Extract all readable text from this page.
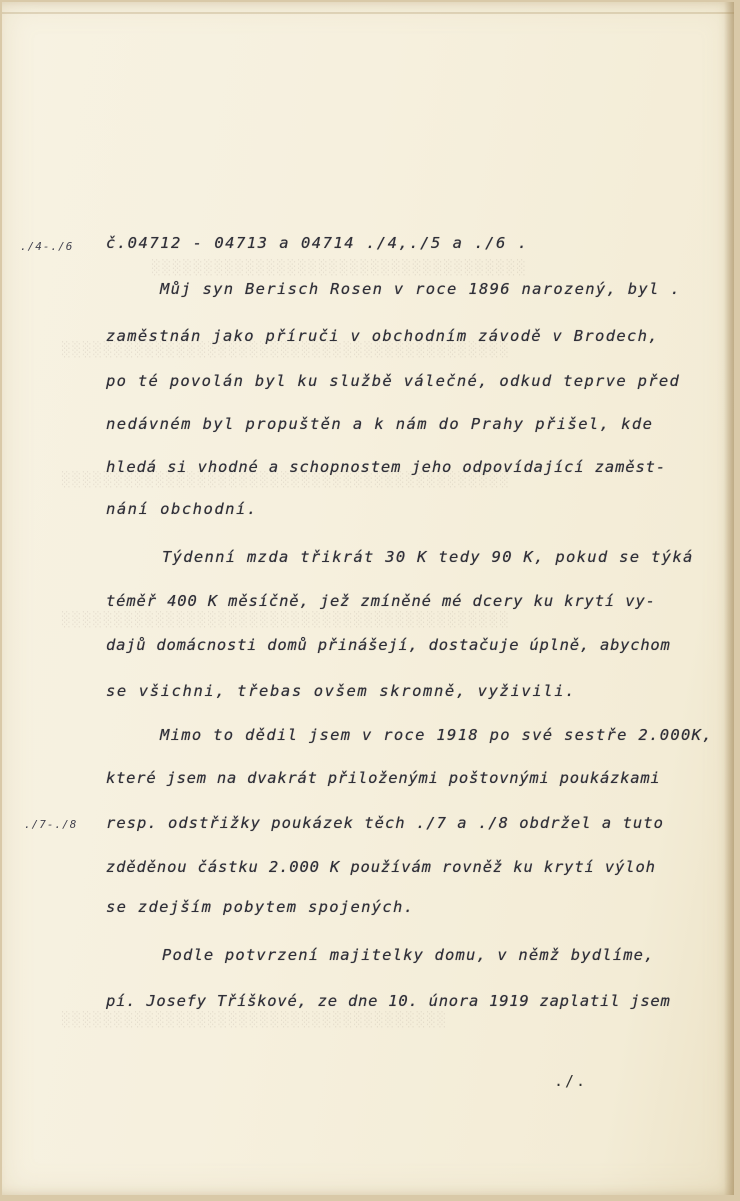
░░░░░░░░░░░░░░░░░░░░░░░░░░░░░░░░░░░░
░░░░░░░░░░░░░░░░░░░░░░░░░░░░░░░░░░░░░░░░░░░
░░░░░░░░░░░░░░░░░░░░░░░░░░░░░░░░░░░░░░░░░░░
░░░░░░░░░░░░░░░░░░░░░░░░░░░░░░░░░░░░░░░░░░░
░░░░░░░░░░░░░░░░░░░░░░░░░░░░░░░░░░░░░
./4-./6
./7-./8
č.04712 - 04713 a 04714 ./4,./5 a ./6 .
Můj syn Berisch Rosen v roce 1896 narozený, byl .
zaměstnán jako příruči v obchodním závodě v Brodech,
po té povolán byl ku službě válečné, odkud teprve před
nedávném byl propuštěn a k nám do Prahy přišel, kde
hledá si vhodné a schopnostem jeho odpovídající zaměst-
nání obchodní.
Týdenní mzda třikrát 30 K tedy 90 K, pokud se týká
téměř 400 K měsíčně, jež zmíněné mé dcery ku krytí vy-
dajů domácnosti domů přinášejí, dostačuje úplně, abychom
se všichni, třebas ovšem skromně, vyživili.
Mimo to dědil jsem v roce 1918 po své sestře 2.000K,
které jsem na dvakrát přiloženými poštovnými poukázkami
resp. odstřižky poukázek těch ./7 a ./8 obdržel a tuto
zděděnou částku 2.000 K používám rovněž ku krytí výloh
se zdejším pobytem spojených.
Podle potvrzení majitelky domu, v němž bydlíme,
pí. Josefy Tříškové, ze dne 10. února 1919 zaplatil jsem
./.
